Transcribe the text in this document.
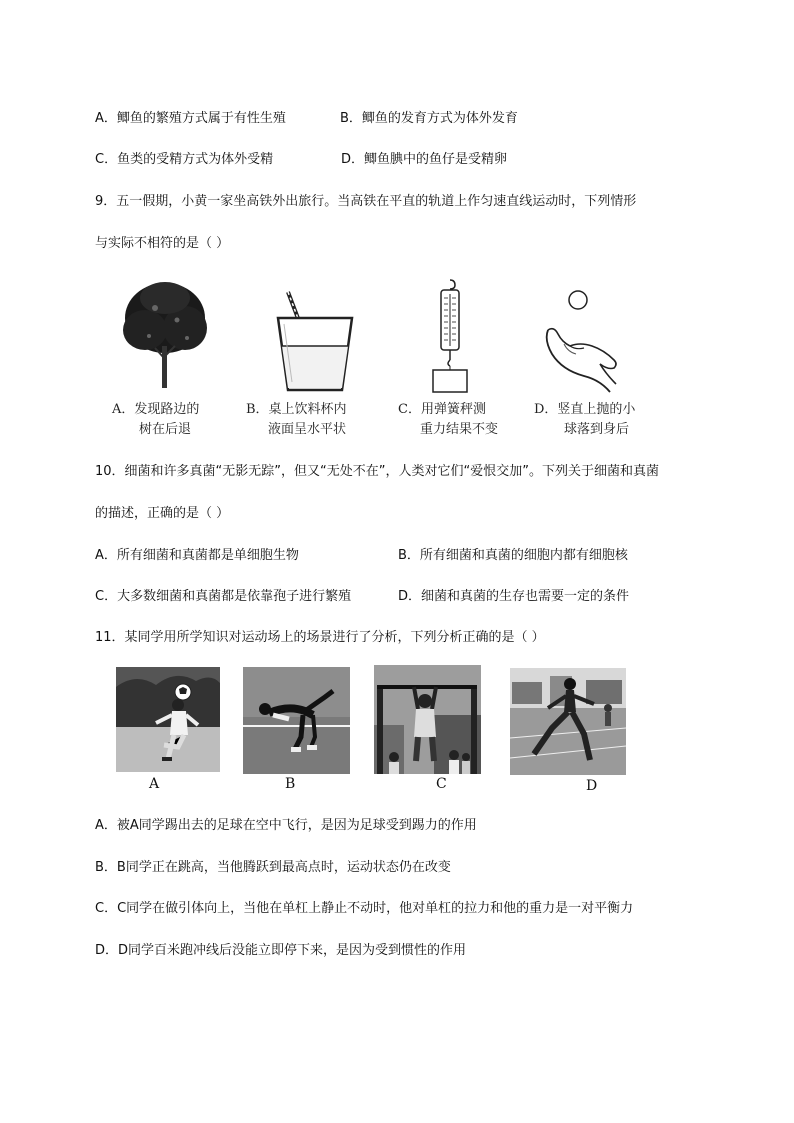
A．鲫鱼的繁殖方式属于有性生殖	B．鲫鱼的发育方式为体外发育
C．鱼类的受精方式为体外受精	D．鲫鱼腆中的鱼仔是受精卵
9．五一假期，小黄一家坐高铁外出旅行。当高铁在平直的轨道上作匀速直线运动时，下列情形
与实际不相符的是（ ）
A．发现路边的
树在后退
B．桌上饮料杯内
液面呈水平状
C．用弹簧秤测
重力结果不变
D．竖直上抛的小
球落到身后
10．细菌和许多真菌“无影无踪”，但又“无处不在”，人类对它们“爱恨交加”。下列关于细菌和真菌
的描述，正确的是（ ）
A．所有细菌和真菌都是单细胞生物	B．所有细菌和真菌的细胞内都有细胞核
C．大多数细菌和真菌都是依靠孢子进行繁殖	D．细菌和真菌的生存也需要一定的条件
11．某同学用所学知识对运动场上的场景进行了分析，下列分析正确的是（ ）
A	B	C	D
A．被A同学踢出去的足球在空中飞行，是因为足球受到踢力的作用
B．B同学正在跳高，当他腾跃到最高点时，运动状态仍在改变
C．C同学在做引体向上，当他在单杠上静止不动时，他对单杠的拉力和他的重力是一对平衡力
D．D同学百米跑冲线后没能立即停下来，是因为受到惯性的作用
